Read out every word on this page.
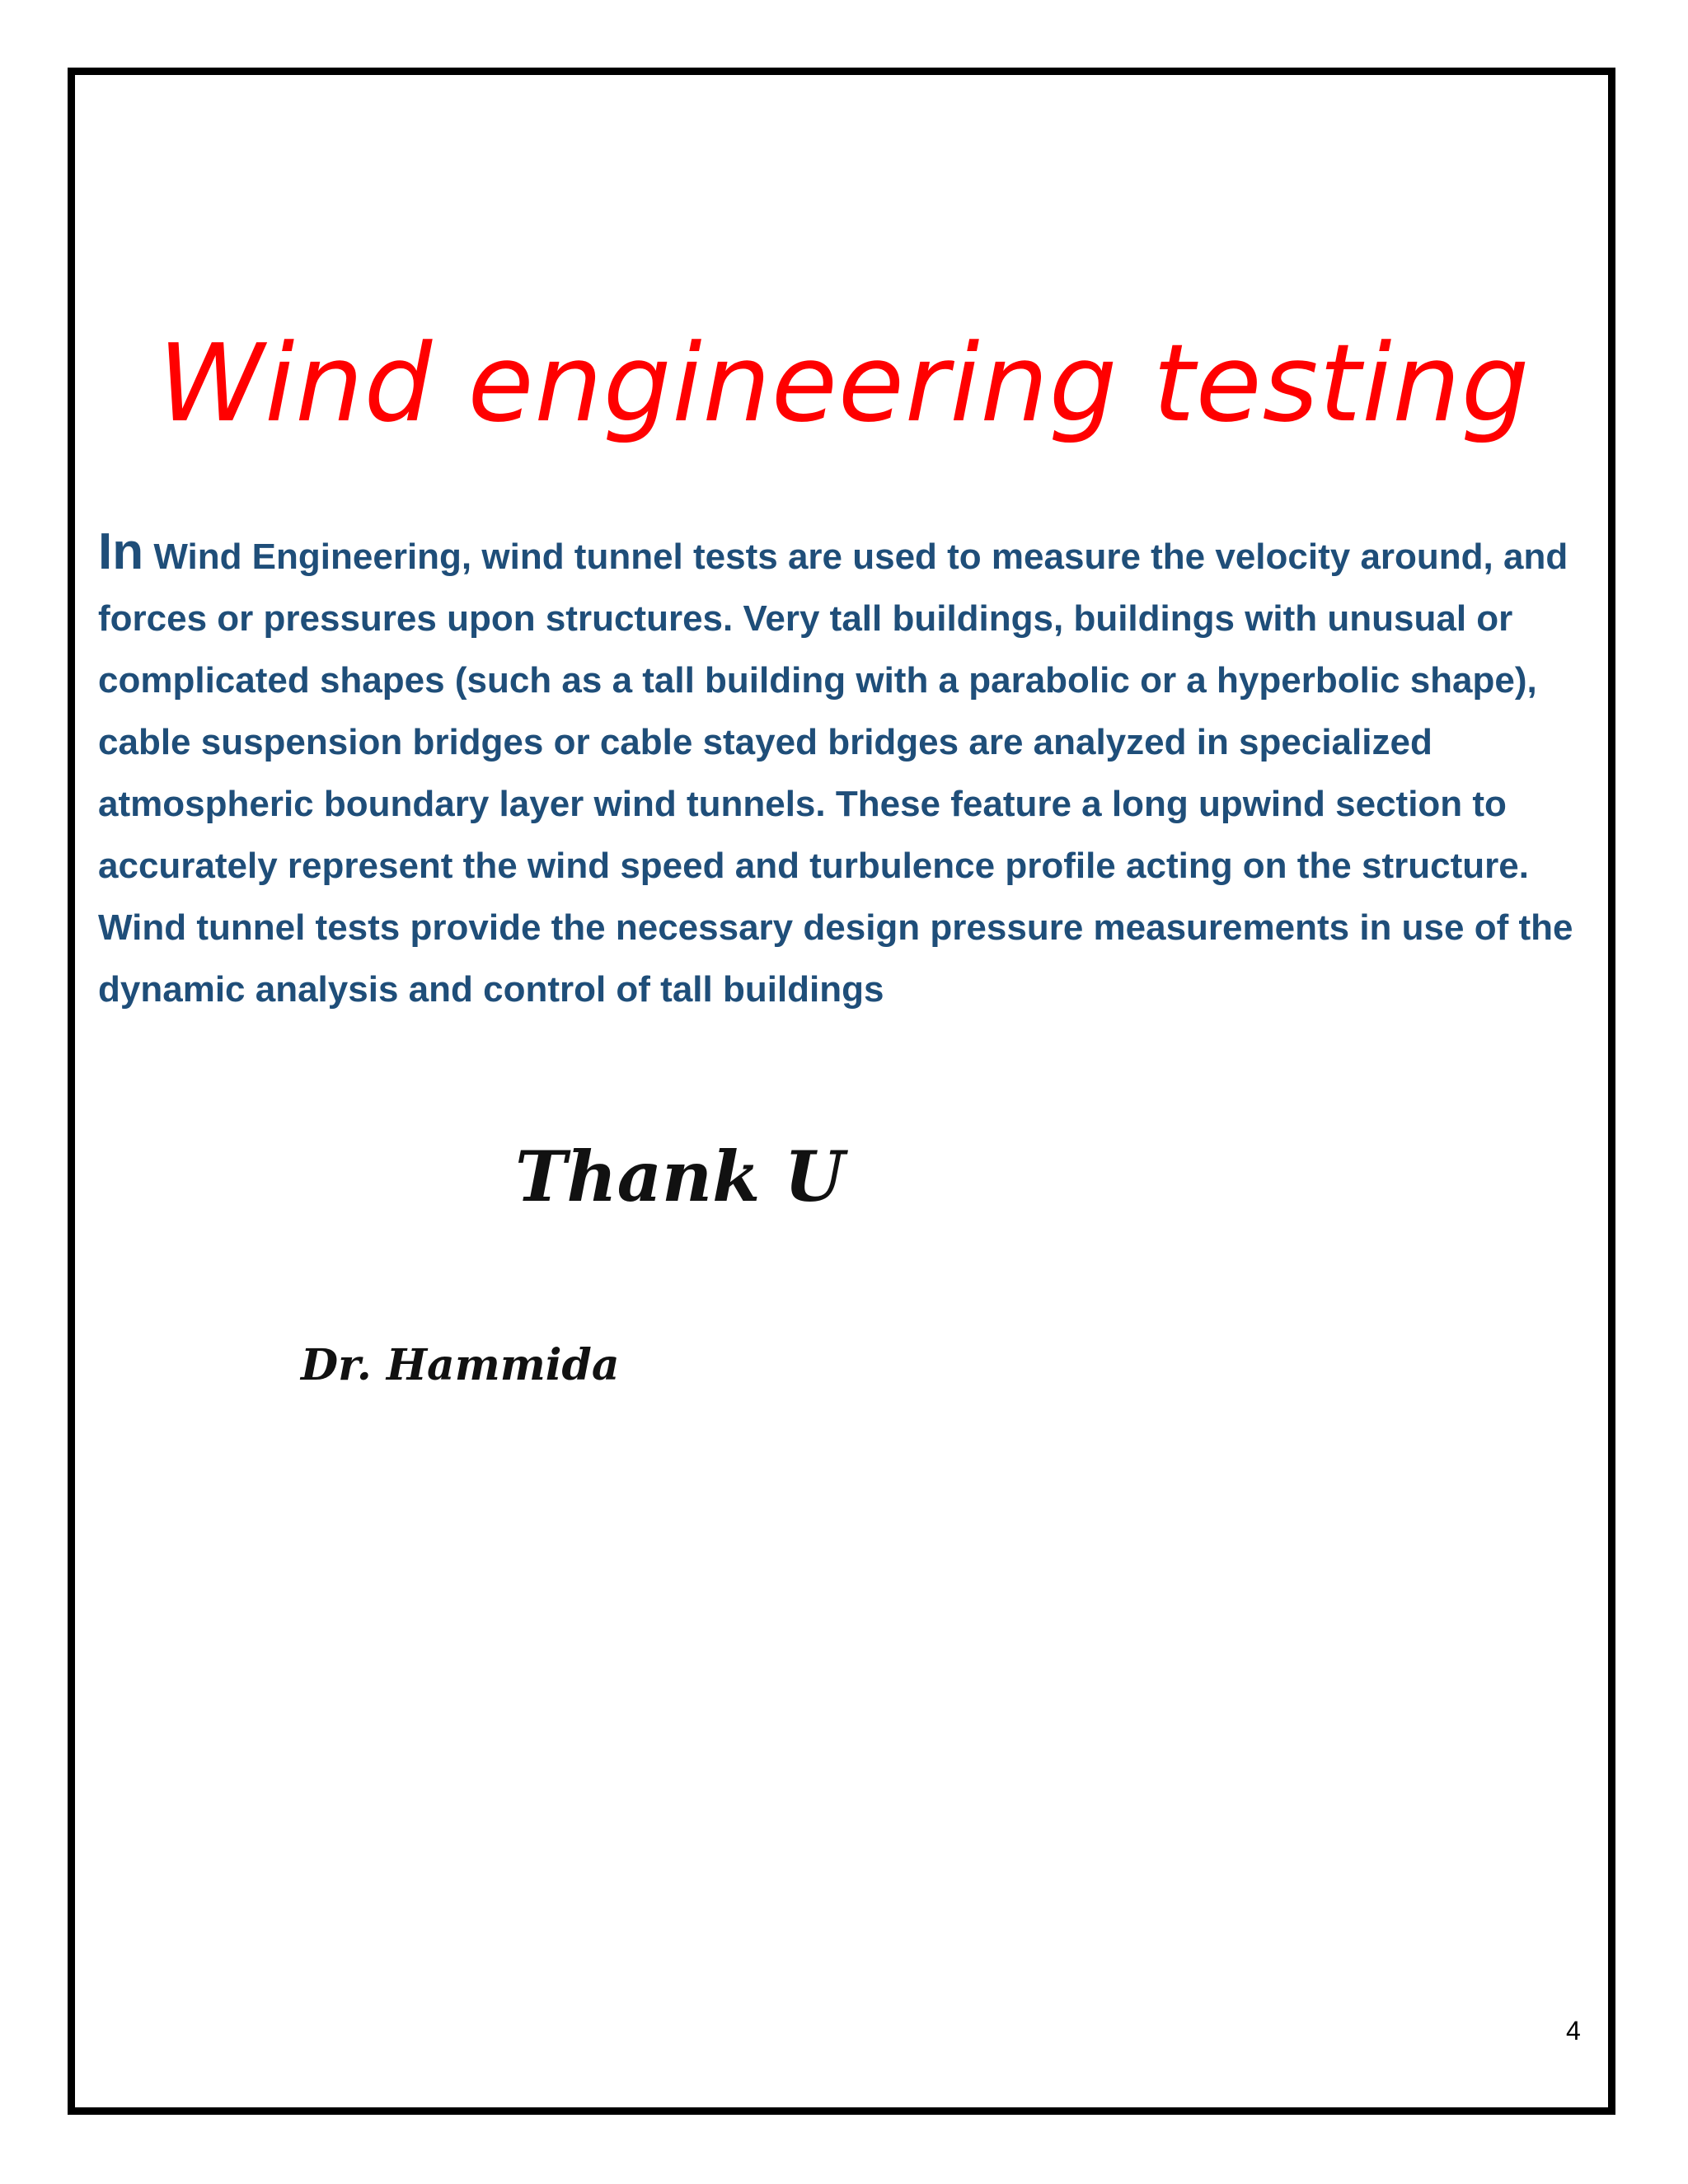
Wind engineering testing

In Wind Engineering, wind tunnel tests are used to measure the velocity around, and forces or pressures upon structures. Very tall buildings, buildings with unusual or complicated shapes (such as a tall building with a parabolic or a hyperbolic shape), cable suspension bridges or cable stayed bridges are analyzed in specialized atmospheric boundary layer wind tunnels. These feature a long upwind section to accurately represent the wind speed and turbulence profile acting on the structure. Wind tunnel tests provide the necessary design pressure measurements in use of the dynamic analysis and control of tall buildings

Thank U
Dr. Hammida
4
